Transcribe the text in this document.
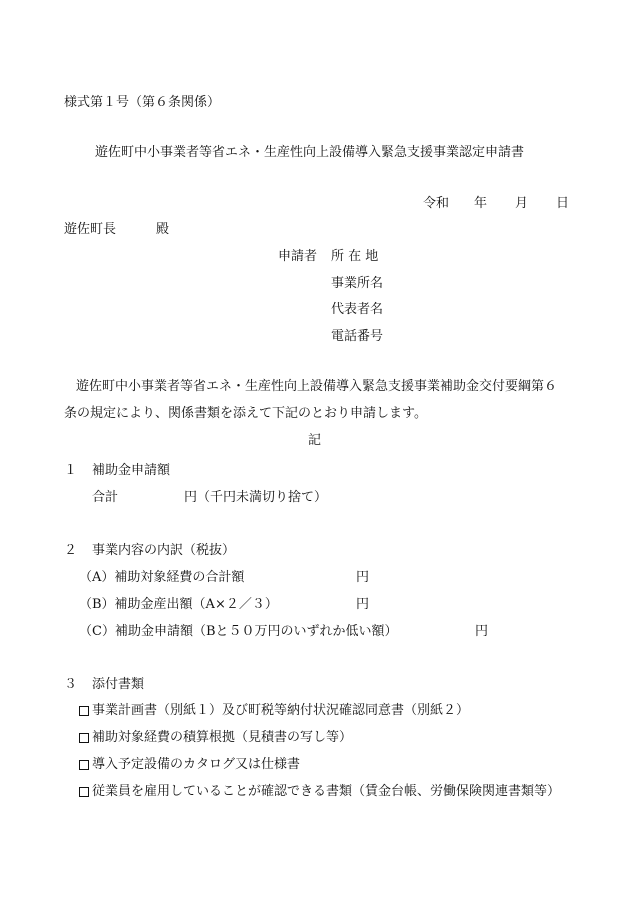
様式第１号（第６条関係）
遊佐町中小事業者等省エネ・生産性向上設備導入緊急支援事業認定申請書
令和 年 月 日
遊佐町長	殿
申請者 所 在 地
事業所名
代表者名
電話番号
遊佐町中小事業者等省エネ・生産性向上設備導入緊急支援事業補助金交付要綱第６
条の規定により、関係書類を添えて下記のとおり申請します。
記
１ 補助金申請額
合計	円（千円未満切り捨て）
２ 事業内容の内訳（税抜）
（A）補助対象経費の合計額	円
（B）補助金産出額（A×２／３）	円
（C）補助金申請額（Bと５０万円のいずれか低い額）	円
３ 添付書類
事業計画書（別紙１）及び町税等納付状況確認同意書（別紙２）
補助対象経費の積算根拠（見積書の写し等）
導入予定設備のカタログ又は仕様書
従業員を雇用していることが確認できる書類（賃金台帳、労働保険関連書類等）
